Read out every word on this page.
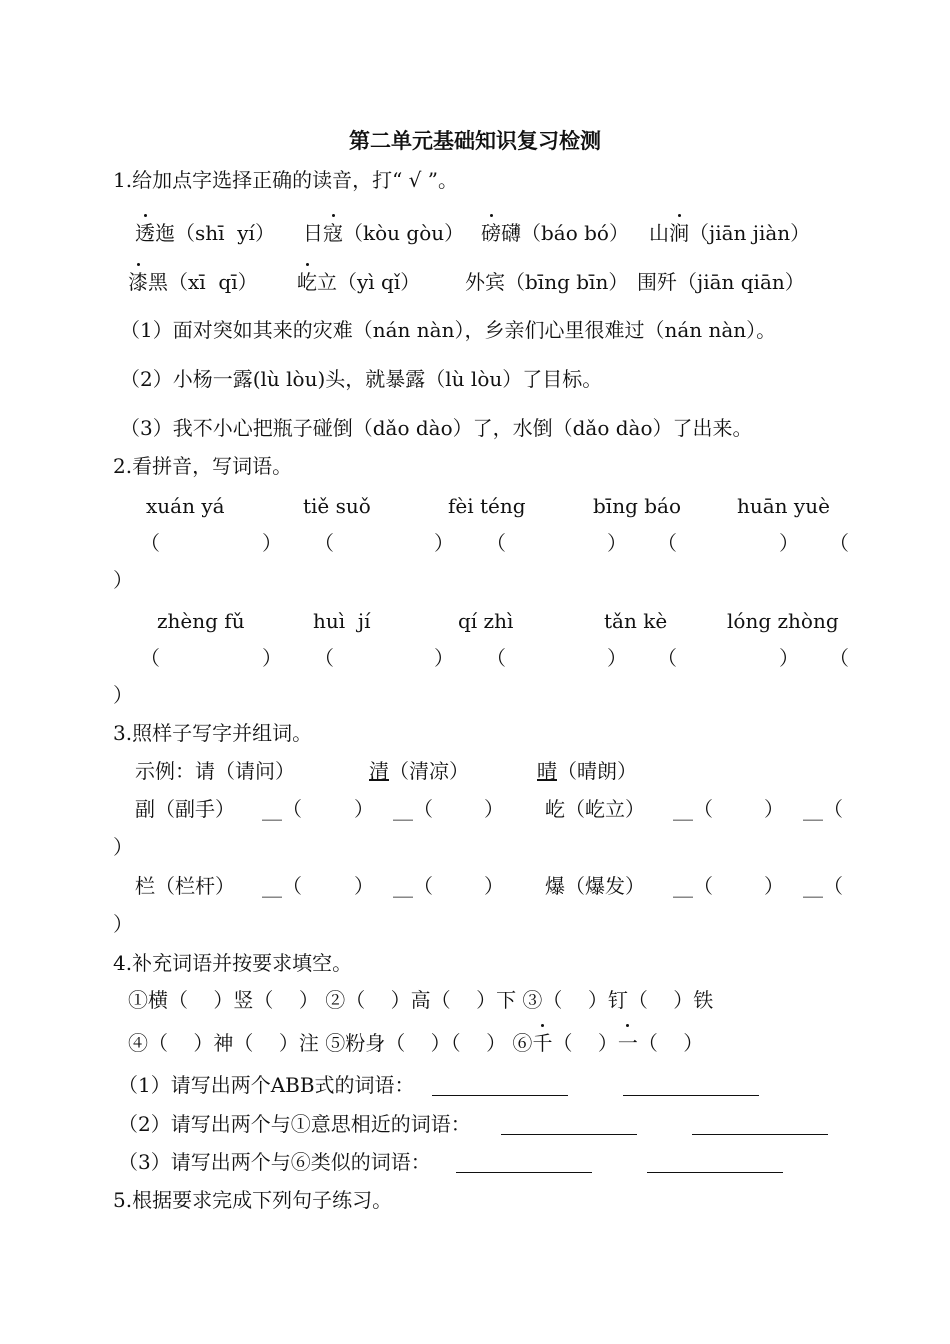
第二单元基础知识复习检测
1.给加点字选择正确的读音，打“ √ ”。
透迤（shī  yí） 日寇（kòu gòu） 磅礴（báo bó） 山涧（jiān jiàn）
漆黑（xī  qī） 屹立（yì qǐ） 外宾（bīng bīn） 围歼（jiān qiān）
（1）面对突如其来的灾难（nán nàn），乡亲们心里很难过（nán nàn）。
（2）小杨一露(lù lòu)头，就暴露（lù lòu）了目标。
（3）我不小心把瓶子碰倒（dǎo dào）了，水倒（dǎo dào）了出来。
2.看拼音，写词语。
xuán yá	tiě suǒ	fèi téng	bīng báo	huān yuè
（	） （	） （	） （	） （
）
zhèng fǔ	huì  jí	qí zhì	tǎn kè	lóng zhòng
（	） （	） （	） （	） （
）
3.照样子写字并组词。
示例：请（请问）	清（清凉）	晴（晴朗）
副（副手） __（	） __（	） 屹（屹立） __（	） __（
）
栏（栏杆） __（	） __（	） 爆（爆发） __（	） __（
）
4.补充词语并按要求填空。
①横（    ）竖（    ） ②（    ）高（    ）下 ③（    ）钉（    ）铁
④（    ）神（    ）注 ⑤粉身（    ）（    ） ⑥千（    ）一（    ）
（1）请写出两个ABB式的词语：
（2）请写出两个与①意思相近的词语：
（3）请写出两个与⑥类似的词语：
5.根据要求完成下列句子练习。
